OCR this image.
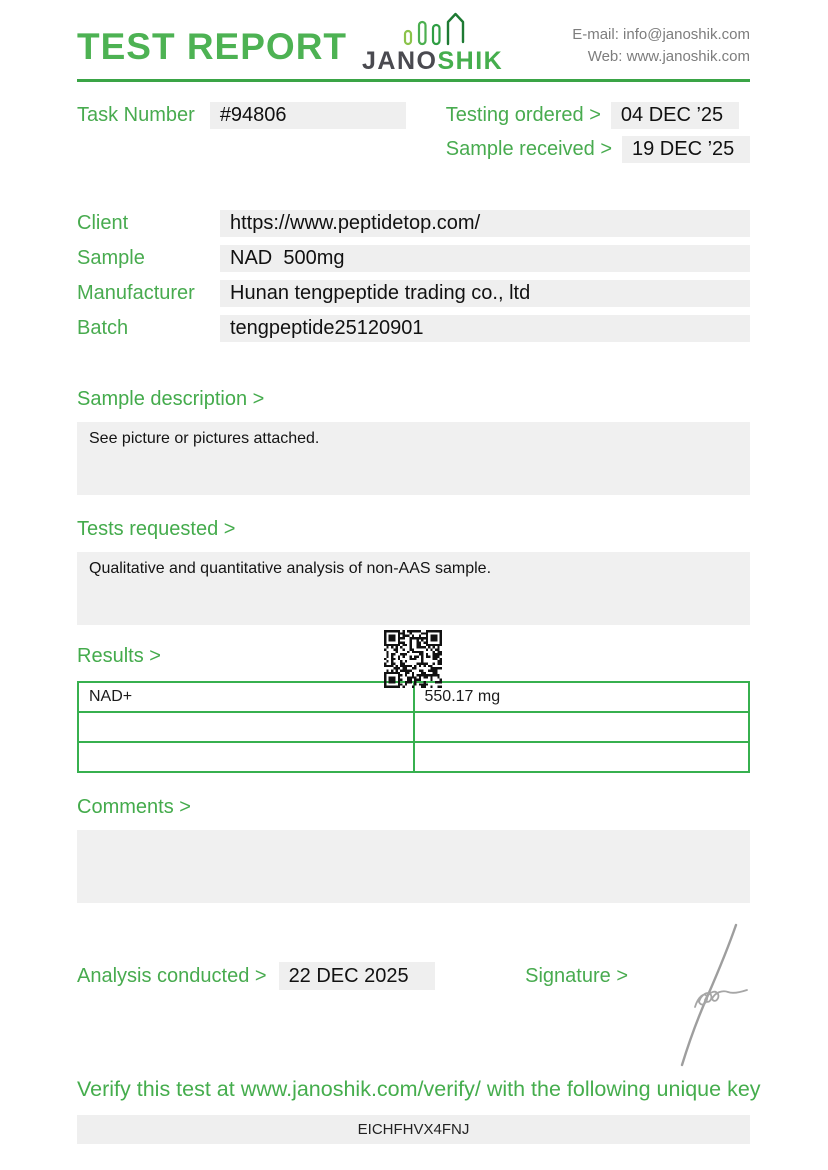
TEST REPORT JANOSHIK
E-mail: info@janoshik.com
Web: www.janoshik.com
Task Number	#94806	Testing ordered >	04 DEC ’25
Sample received >	19 DEC ’25
Client	https://www.peptidetop.com/
Sample	NAD  500mg
Manufacturer	Hunan tengpeptide trading co., ltd
Batch	tengpeptide25120901
Sample description >
See picture or pictures attached.
Tests requested >
Qualitative and quantitative analysis of non-AAS sample.
Results >
NAD+	550.17 mg

Comments >
Analysis conducted >	22 DEC 2025	Signature >
Verify this test at www.janoshik.com/verify/ with the following unique key
EICHFHVX4FNJ
